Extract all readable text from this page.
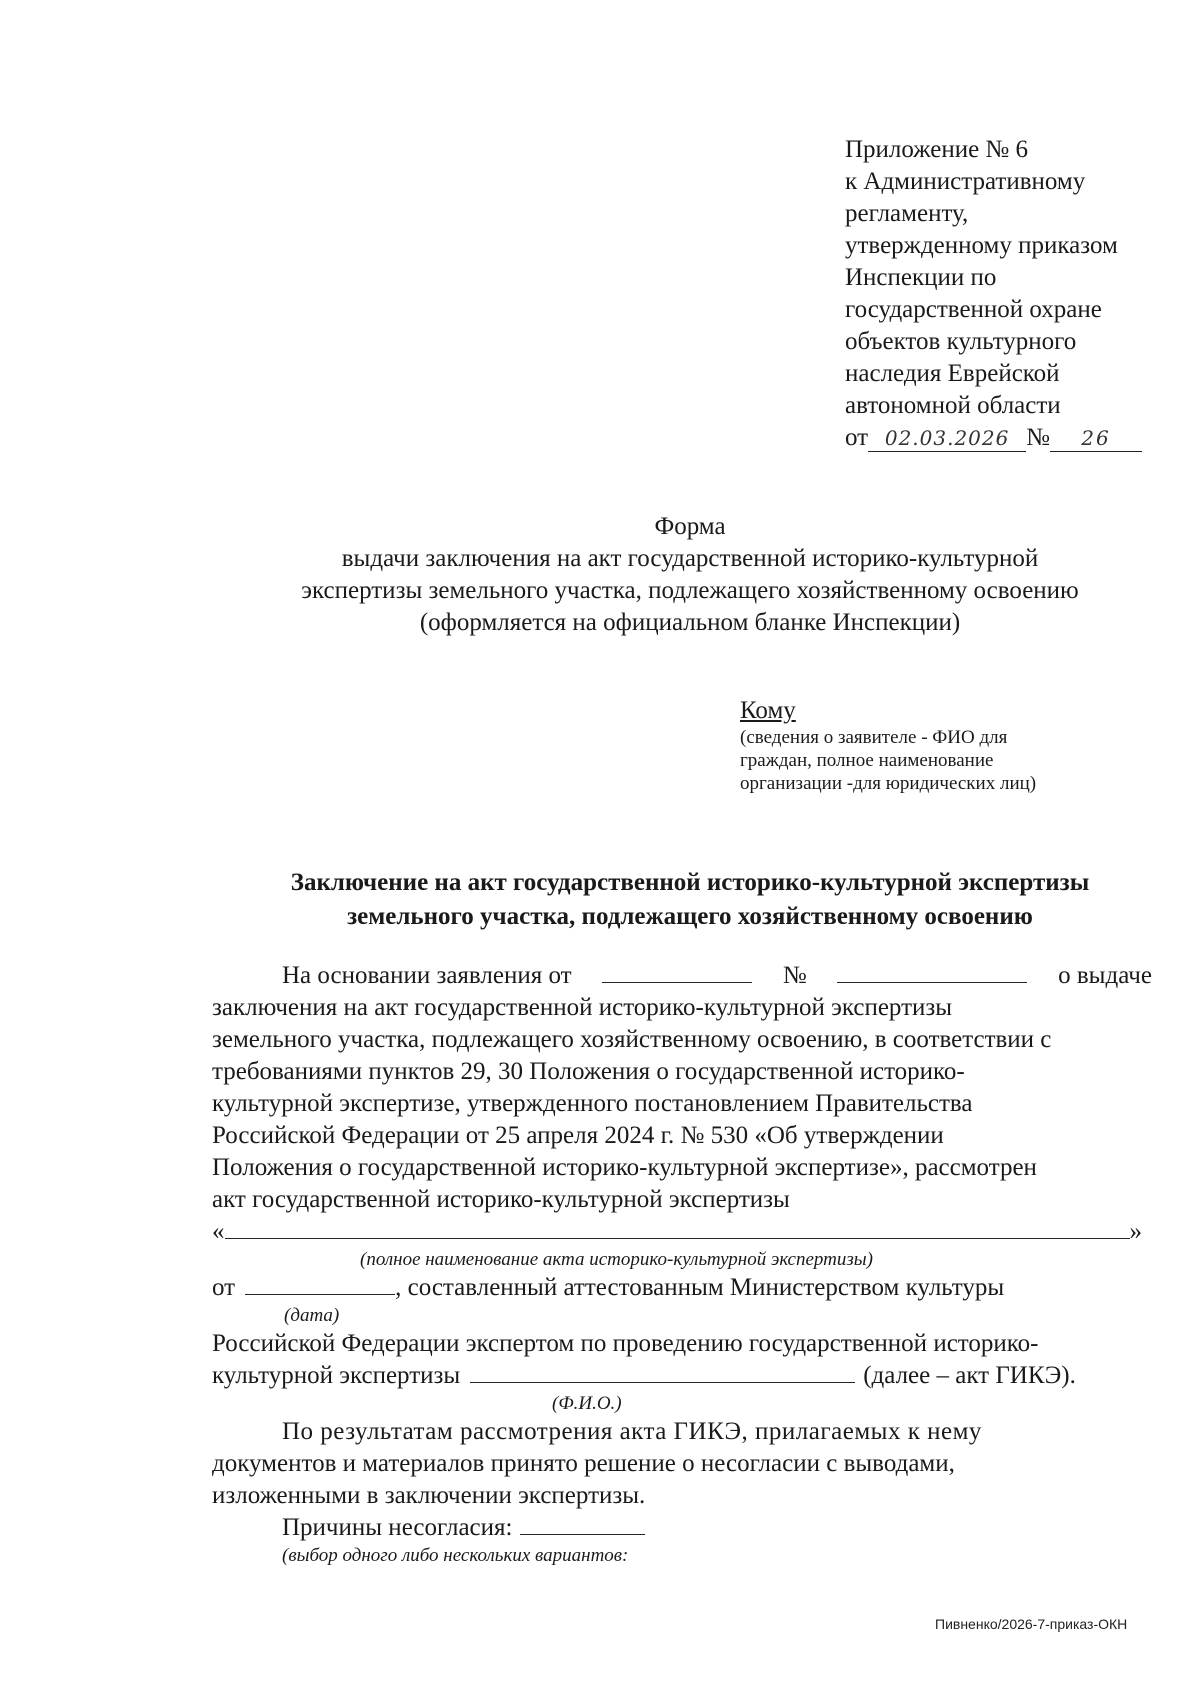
Приложение № 6
к Административному
регламенту,
утвержденному приказом
Инспекции по
государственной охране
объектов культурного
наследия Еврейской
автономной области
от 02.03.2026 № 26
Форма
выдачи заключения на акт государственной историко-культурной
экспертизы земельного участка, подлежащего хозяйственному освоению
(оформляется на официальном бланке Инспекции)
Кому
(сведения о заявителе - ФИО для
граждан, полное наименование
организации -для юридических лиц)
Заключение на акт государственной историко-культурной экспертизы
земельного участка, подлежащего хозяйственному освоению
На основании заявления от	№	о выдаче
заключения на акт государственной историко-культурной экспертизы
земельного участка, подлежащего хозяйственному освоению, в соответствии с
требованиями пунктов 29, 30 Положения о государственной историко-
культурной экспертизе, утвержденного постановлением Правительства
Российской Федерации от 25 апреля 2024 г. № 530 «Об утверждении
Положения о государственной историко-культурной экспертизе», рассмотрен
акт государственной историко-культурной экспертизы
«	»
(полное наименование акта историко-культурной экспертизы)
от	, составленный аттестованным Министерством культуры
(дата)
Российской Федерации экспертом по проведению государственной историко-
культурной экспертизы	(далее – акт ГИКЭ).
(Ф.И.О.)
По результатам рассмотрения акта ГИКЭ, прилагаемых к нему
документов и материалов принято решение о несогласии с выводами,
изложенными в заключении экспертизы.
Причины несогласия:
(выбор одного либо нескольких вариантов:
Пивненко/2026-7-приказ-ОКН
